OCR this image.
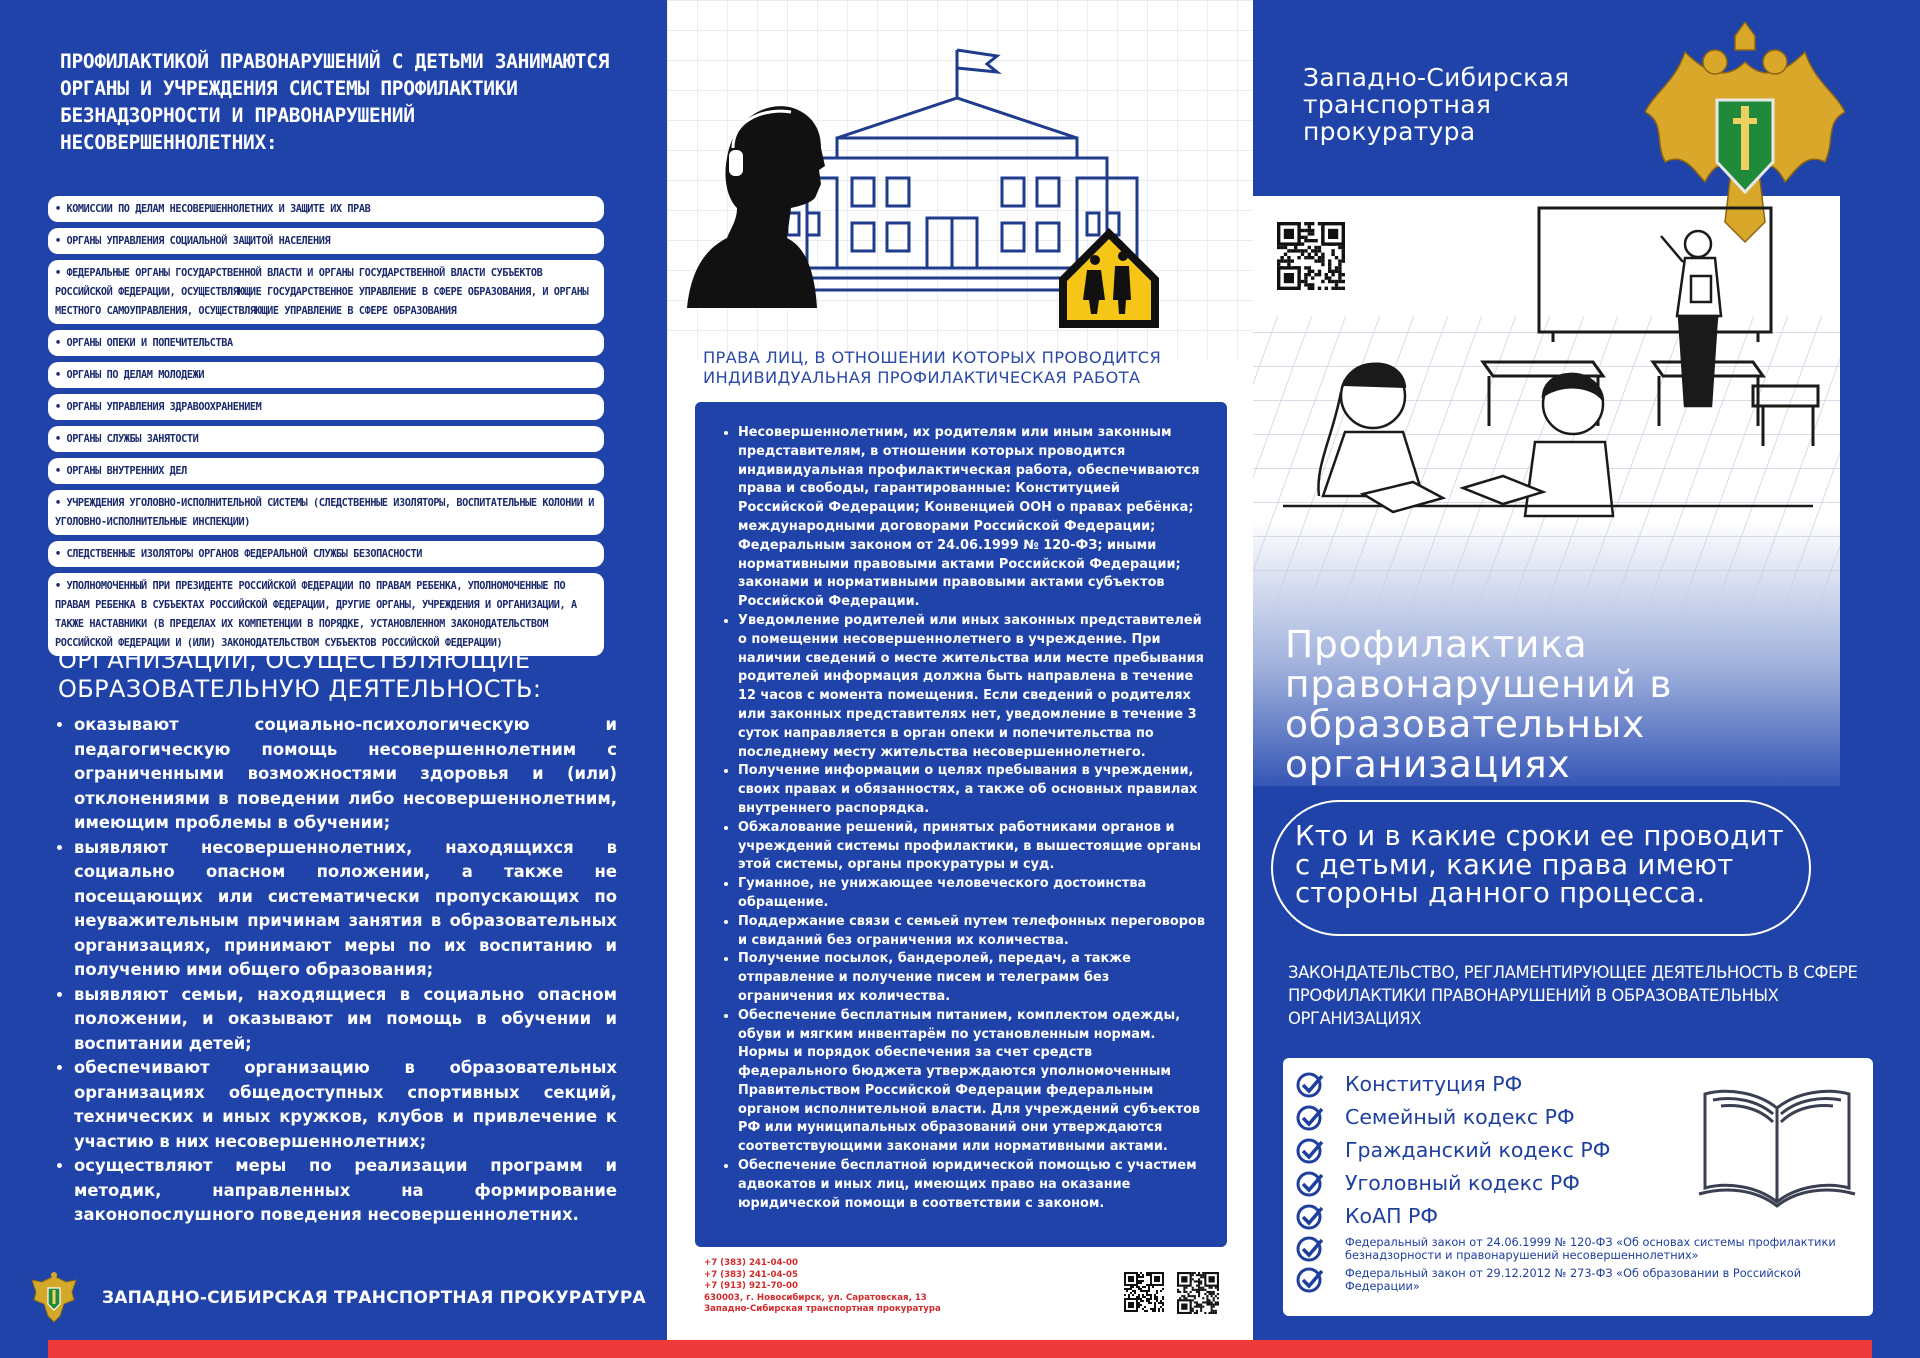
ПРОФИЛАКТИКОЙ ПРАВОНАРУШЕНИЙ С ДЕТЬМИ ЗАНИМАЮТСЯ ОРГАНЫ И УЧРЕЖДЕНИЯ СИСТЕМЫ ПРОФИЛАКТИКИ БЕЗНАДЗОРНОСТИ И ПРАВОНАРУШЕНИЙ НЕСОВЕРШЕННОЛЕТНИХ:
• КОМИССИИ ПО ДЕЛАМ НЕСОВЕРШЕННОЛЕТНИХ И ЗАЩИТЕ ИХ ПРАВ
• ОРГАНЫ УПРАВЛЕНИЯ СОЦИАЛЬНОЙ ЗАЩИТОЙ НАСЕЛЕНИЯ
• ФЕДЕРАЛЬНЫЕ ОРГАНЫ ГОСУДАРСТВЕННОЙ ВЛАСТИ И ОРГАНЫ ГОСУДАРСТВЕННОЙ ВЛАСТИ СУБЪЕКТОВ РОССИЙСКОЙ ФЕДЕРАЦИИ, ОСУЩЕСТВЛЯЮЩИЕ ГОСУДАРСТВЕННОЕ УПРАВЛЕНИЕ В СФЕРЕ ОБРАЗОВАНИЯ, И ОРГАНЫ МЕСТНОГО САМОУПРАВЛЕНИЯ, ОСУЩЕСТВЛЯЮЩИЕ УПРАВЛЕНИЕ В СФЕРЕ ОБРАЗОВАНИЯ
• ОРГАНЫ ОПЕКИ И ПОПЕЧИТЕЛЬСТВА
• ОРГАНЫ ПО ДЕЛАМ МОЛОДЕЖИ
• ОРГАНЫ УПРАВЛЕНИЯ ЗДРАВООХРАНЕНИЕМ
• ОРГАНЫ СЛУЖБЫ ЗАНЯТОСТИ
• ОРГАНЫ ВНУТРЕННИХ ДЕЛ
• УЧРЕЖДЕНИЯ УГОЛОВНО-ИСПОЛНИТЕЛЬНОЙ СИСТЕМЫ (СЛЕДСТВЕННЫЕ ИЗОЛЯТОРЫ, ВОСПИТАТЕЛЬНЫЕ КОЛОНИИ И УГОЛОВНО-ИСПОЛНИТЕЛЬНЫЕ ИНСПЕКЦИИ)
• СЛЕДСТВЕННЫЕ ИЗОЛЯТОРЫ ОРГАНОВ ФЕДЕРАЛЬНОЙ СЛУЖБЫ БЕЗОПАСНОСТИ
• УПОЛНОМОЧЕННЫЙ ПРИ ПРЕЗИДЕНТЕ РОССИЙСКОЙ ФЕДЕРАЦИИ ПО ПРАВАМ РЕБЕНКА, УПОЛНОМОЧЕННЫЕ ПО ПРАВАМ РЕБЕНКА В СУБЪЕКТАХ РОССИЙСКОЙ ФЕДЕРАЦИИ, ДРУГИЕ ОРГАНЫ, УЧРЕЖДЕНИЯ И ОРГАНИЗАЦИИ, А ТАКЖЕ НАСТАВНИКИ (В ПРЕДЕЛАХ ИХ КОМПЕТЕНЦИИ В ПОРЯДКЕ, УСТАНОВЛЕННОМ ЗАКОНОДАТЕЛЬСТВОМ РОССИЙСКОЙ ФЕДЕРАЦИИ И (ИЛИ) ЗАКОНОДАТЕЛЬСТВОМ СУБЪЕКТОВ РОССИЙСКОЙ ФЕДЕРАЦИИ)
ОРГАНИЗАЦИИ, ОСУЩЕСТВЛЯЮЩИЕ ОБРАЗОВАТЕЛЬНУЮ ДЕЯТЕЛЬНОСТЬ:
• оказывают социально-психологическую и педагогическую помощь несовершеннолетним с ограниченными возможностями здоровья и (или) отклонениями в поведении либо несовершеннолетним, имеющим проблемы в обучении;
• выявляют несовершеннолетних, находящихся в социально опасном положении, а также не посещающих или систематически пропускающих по неуважительным причинам занятия в образовательных организациях, принимают меры по их воспитанию и получению ими общего образования;
• выявляют семьи, находящиеся в социально опасном положении, и оказывают им помощь в обучении и воспитании детей;
• обеспечивают организацию в образовательных организациях общедоступных спортивных секций, технических и иных кружков, клубов и привлечение к участию в них несовершеннолетних;
• осуществляют меры по реализации программ и методик, направленных на формирование законопослушного поведения несовершеннолетних.
ЗАПАДНО-СИБИРСКАЯ ТРАНСПОРТНАЯ ПРОКУРАТУРА
ПРАВА ЛИЦ, В ОТНОШЕНИИ КОТОРЫХ ПРОВОДИТСЯ ИНДИВИДУАЛЬНАЯ ПРОФИЛАКТИЧЕСКАЯ РАБОТА
• Несовершеннолетним, их родителям или иным законным представителям, в отношении которых проводится индивидуальная профилактическая работа, обеспечиваются права и свободы, гарантированные: Конституцией Российской Федерации; Конвенцией ООН о правах ребёнка; международными договорами Российской Федерации; Федеральным законом от 24.06.1999 № 120-ФЗ; иными нормативными правовыми актами Российской Федерации; законами и нормативными правовыми актами субъектов Российской Федерации.
• Уведомление родителей или иных законных представителей о помещении несовершеннолетнего в учреждение. При наличии сведений о месте жительства или месте пребывания родителей информация должна быть направлена в течение 12 часов с момента помещения. Если сведений о родителях или законных представителях нет, уведомление в течение 3 суток направляется в орган опеки и попечительства по последнему месту жительства несовершеннолетнего.
• Получение информации о целях пребывания в учреждении, своих правах и обязанностях, а также об основных правилах внутреннего распорядка.
• Обжалование решений, принятых работниками органов и учреждений системы профилактики, в вышестоящие органы этой системы, органы прокуратуры и суд.
• Гуманное, не унижающее человеческого достоинства обращение.
• Поддержание связи с семьей путем телефонных переговоров и свиданий без ограничения их количества.
• Получение посылок, бандеролей, передач, а также отправление и получение писем и телеграмм без ограничения их количества.
• Обеспечение бесплатным питанием, комплектом одежды, обуви и мягким инвентарём по установленным нормам. Нормы и порядок обеспечения за счет средств федерального бюджета утверждаются уполномоченным Правительством Российской Федерации федеральным органом исполнительной власти. Для учреждений субъектов РФ или муниципальных образований они утверждаются соответствующими законами или нормативными актами.
• Обеспечение бесплатной юридической помощью с участием адвокатов и иных лиц, имеющих право на оказание юридической помощи в соответствии с законом.
+7 (383) 241-04-00
+7 (383) 241-04-05
+7 (913) 921-70-00
630003, г. Новосибирск, ул. Саратовская, 13
Западно-Сибирская транспортная прокуратура
Западно-Сибирская транспортная прокуратура
Профилактика правонарушений в образовательных организациях
Кто и в какие сроки ее проводит с детьми, какие права имеют стороны данного процесса.
ЗАКОНДАТЕЛЬСТВО, РЕГЛАМЕНТИРУЮЩЕЕ ДЕЯТЕЛЬНОСТЬ В СФЕРЕ ПРОФИЛАКТИКИ ПРАВОНАРУШЕНИЙ В ОБРАЗОВАТЕЛЬНЫХ ОРГАНИЗАЦИЯХ
Конституция РФ
Семейный кодекс РФ
Гражданский кодекс РФ
Уголовный кодекс РФ
КоАП РФ
Федеральный закон от 24.06.1999 № 120-ФЗ «Об основах системы профилактики безнадзорности и правонарушений несовершеннолетних»
Федеральный закон от 29.12.2012 № 273-ФЗ «Об образовании в Российской Федерации»
